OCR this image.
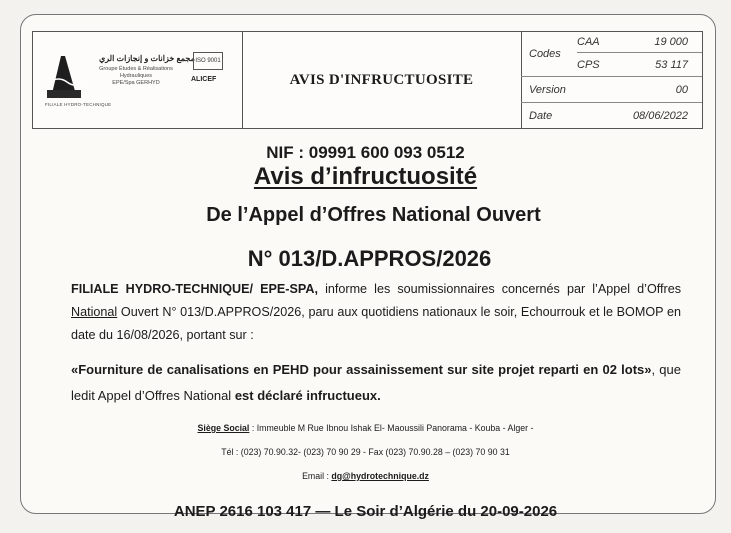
مجمع خزانات و إنجازات الري
Groupe Études & Réalisations Hydrauliques
EPE/Spa GERHYD
ISO 9001
ALICEF
FILIALE HYDRO-TECHNIQUE
AVIS D'INFRUCTUOSITE
CAA	19 000
Codes
CPS	53 117
Version	00
Date	08/06/2022
NIF : 09991 600 093 0512
Avis d’infructuosité
De l’Appel d’Offres National Ouvert
N° 013/D.APPROS/2026
FILIALE HYDRO-TECHNIQUE/ EPE-SPA, informe les soumissionnaires concernés par l’Appel d’Offres National Ouvert N° 013/D.APPROS/2026, paru aux quotidiens nationaux le soir, Echourrouk et le BOMOP en date du 16/08/2026, portant sur :
«Fourniture de canalisations en PEHD pour assainissement sur site projet reparti en 02 lots», que ledit Appel d’Offres National est déclaré infructueux.
Siège Social : Immeuble M Rue Ibnou Ishak El- Maoussili Panorama - Kouba - Alger -
Tél : (023) 70.90.32- (023) 70 90 29 - Fax (023) 70.90.28 – (023) 70 90 31
Email : dg@hydrotechnique.dz
ANEP 2616 103 417 — Le Soir d’Algérie du 20-09-2026
